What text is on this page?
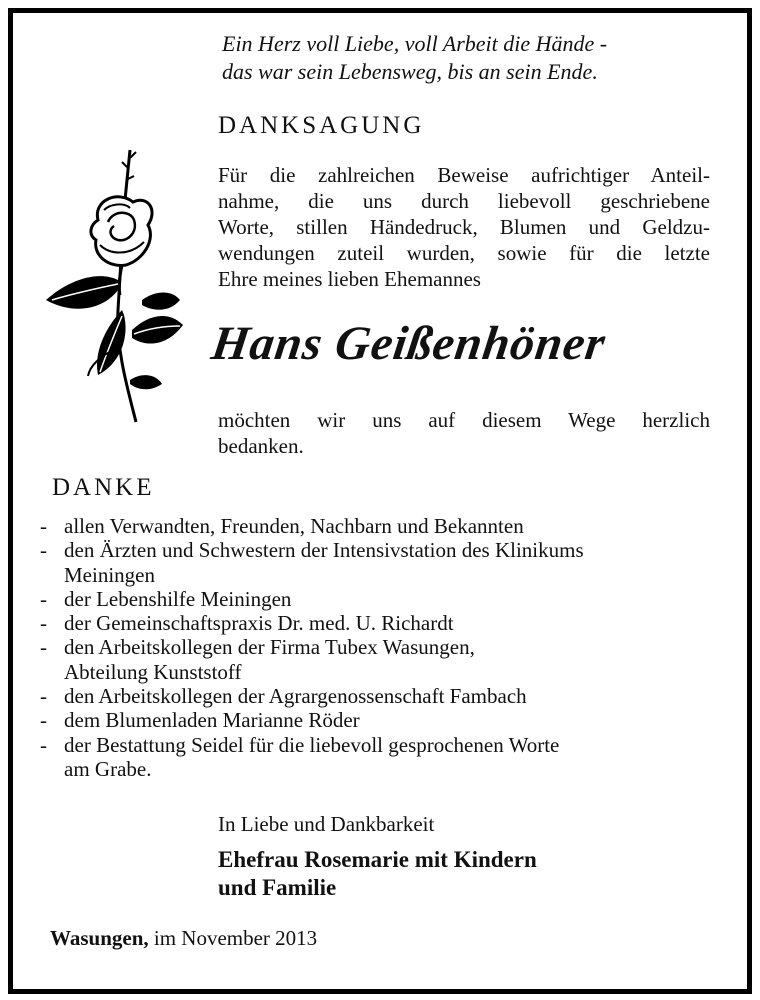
Ein Herz voll Liebe, voll Arbeit die Hände -
das war sein Lebensweg, bis an sein Ende.
DANKSAGUNG
Für die zahlreichen Beweise aufrichtiger Anteil-
nahme, die uns durch liebevoll geschriebene
Worte, stillen Händedruck, Blumen und Geldzu-
wendungen zuteil wurden, sowie für die letzte
Ehre meines lieben Ehemannes
Hans Geißenhöner
möchten wir uns auf diesem Wege herzlich
bedanken.
DANKE
- allen Verwandten, Freunden, Nachbarn und Bekannten
- den Ärzten und Schwestern der Intensivstation des Klinikums
Meiningen
- der Lebenshilfe Meiningen
- der Gemeinschaftspraxis Dr. med. U. Richardt
- den Arbeitskollegen der Firma Tubex Wasungen,
Abteilung Kunststoff
- den Arbeitskollegen der Agrargenossenschaft Fambach
- dem Blumenladen Marianne Röder
- der Bestattung Seidel für die liebevoll gesprochenen Worte
am Grabe.
In Liebe und Dankbarkeit
Ehefrau Rosemarie mit Kindern
und Familie
Wasungen, im November 2013
